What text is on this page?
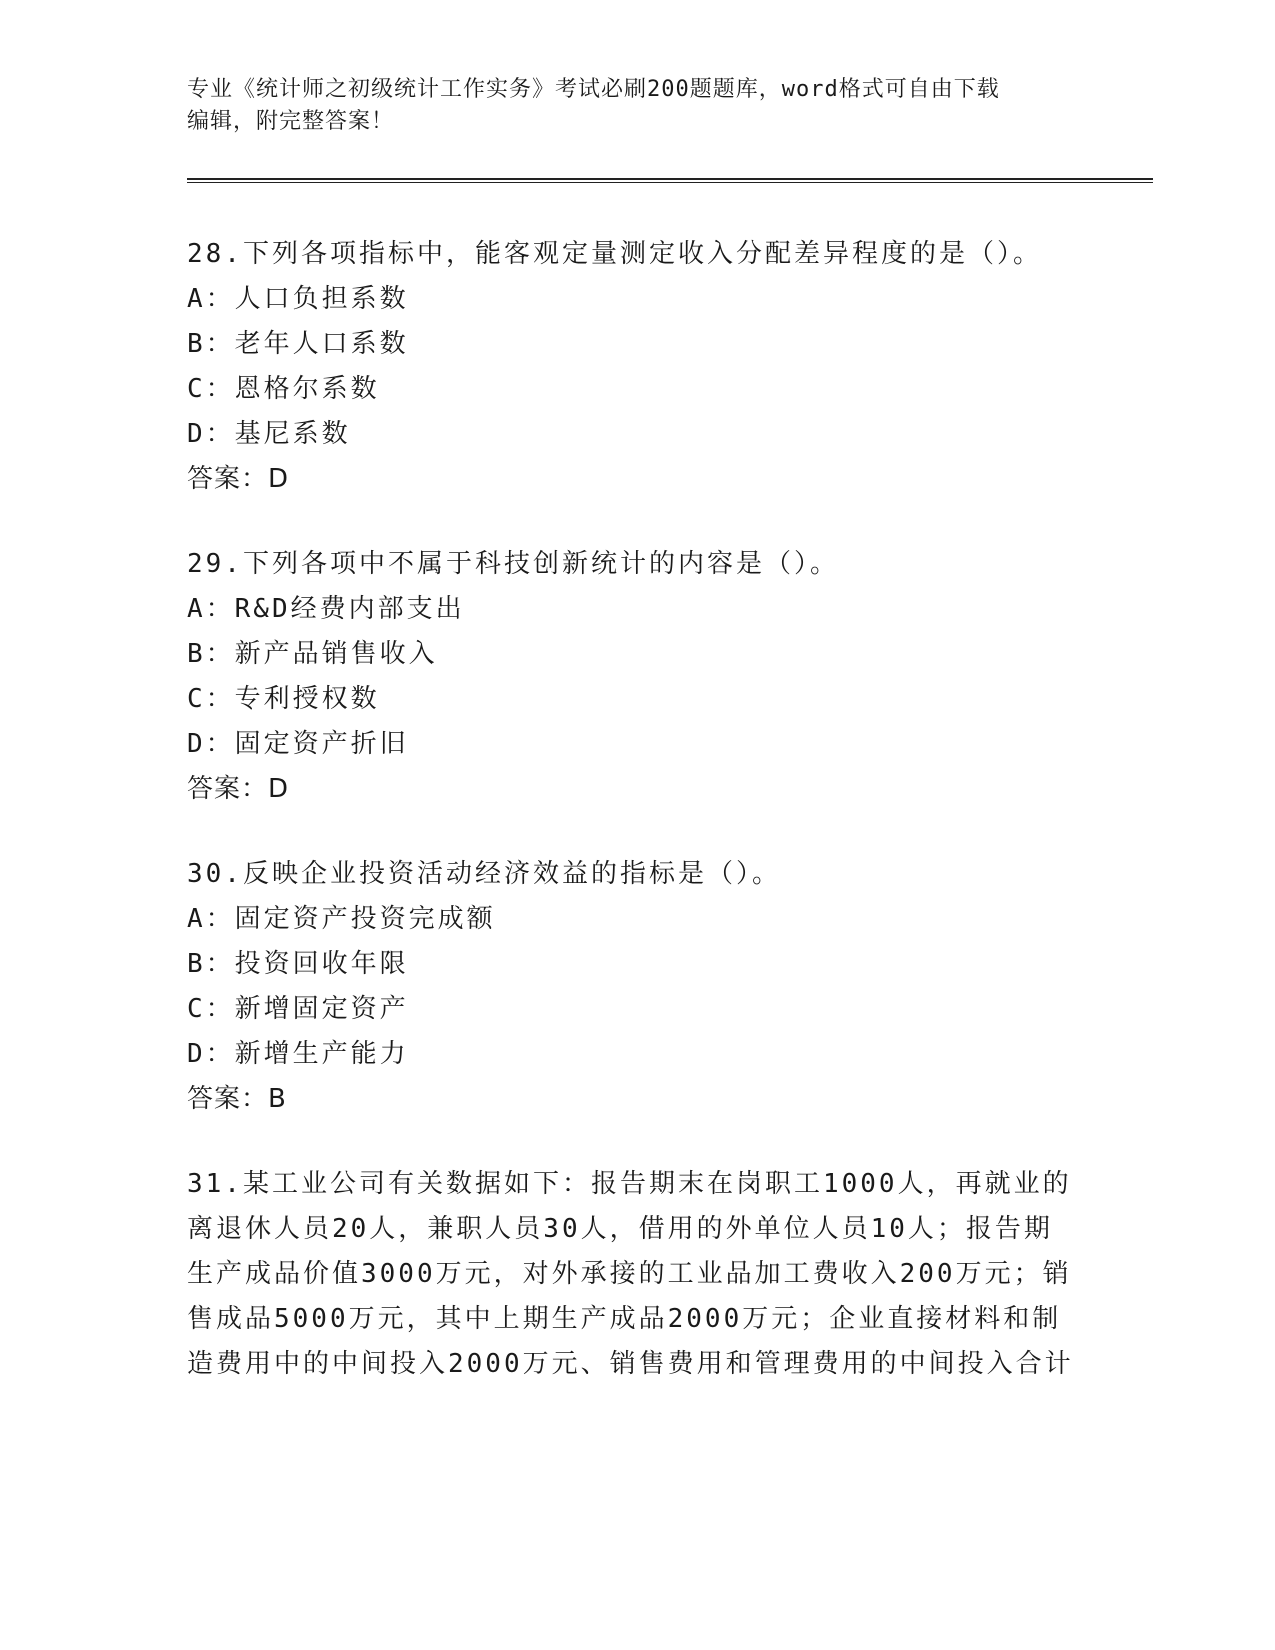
专业《统计师之初级统计工作实务》考试必刷200题题库，word格式可自由下载
编辑，附完整答案！
28.下列各项指标中，能客观定量测定收入分配差异程度的是（）。
A：人口负担系数
B：老年人口系数
C：恩格尔系数
D：基尼系数
答案：D
29.下列各项中不属于科技创新统计的内容是（）。
A：R&D经费内部支出
B：新产品销售收入
C：专利授权数
D：固定资产折旧
答案：D
30.反映企业投资活动经济效益的指标是（）。
A：固定资产投资完成额
B：投资回收年限
C：新增固定资产
D：新增生产能力
答案：B
31.某工业公司有关数据如下：报告期末在岗职工1000人，再就业的
离退休人员20人，兼职人员30人，借用的外单位人员10人；报告期
生产成品价值3000万元，对外承接的工业品加工费收入200万元；销
售成品5000万元，其中上期生产成品2000万元；企业直接材料和制
造费用中的中间投入2000万元、销售费用和管理费用的中间投入合计
